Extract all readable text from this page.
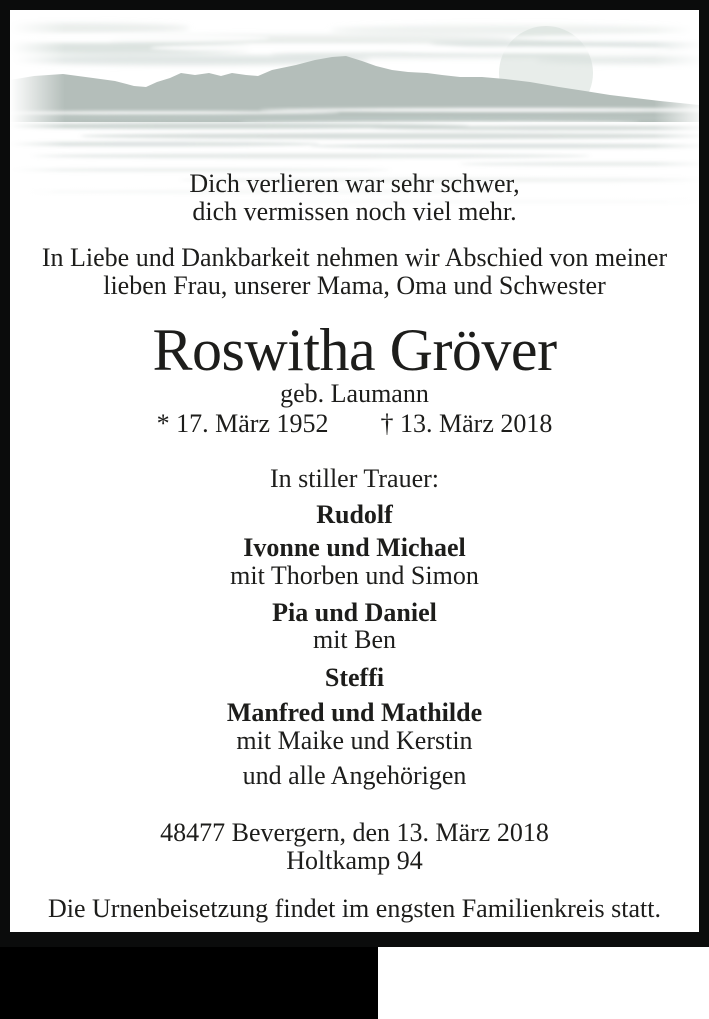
Dich verlieren war sehr schwer,
dich vermissen noch viel mehr.
In Liebe und Dankbarkeit nehmen wir Abschied von meiner
lieben Frau, unserer Mama, Oma und Schwester
Roswitha Gröver
geb. Laumann
* 17. März 1952 † 13. März 2018
In stiller Trauer:
Rudolf
Ivonne und Michael
mit Thorben und Simon
Pia und Daniel
mit Ben
Steffi
Manfred und Mathilde
mit Maike und Kerstin
und alle Angehörigen
48477 Bevergern, den 13. März 2018
Holtkamp 94
Die Urnenbeisetzung findet im engsten Familienkreis statt.
